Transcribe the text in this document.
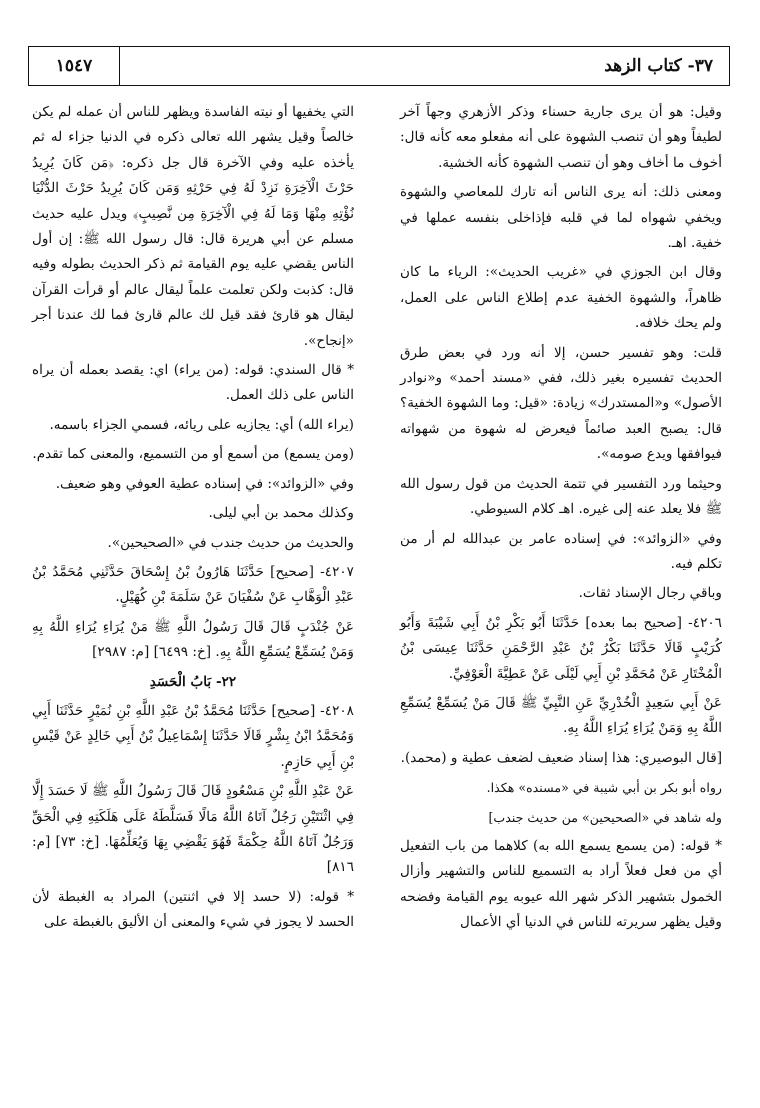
١٥٤٧	٣٧- كتاب الزهد

وقيل: هو أن يرى جارية حسناء وذكر الأزهري وجهاً آخر لطيفاً وهو أن تنصب الشهوة على أنه مفعلو معه كأنه قال: أخوف ما أخاف وهو أن تنصب الشهوة كأنه الخشية.

ومعنى ذلك: أنه يرى الناس أنه تارك للمعاصي والشهوة ويخفي شهواه لما في قلبه فإذاخلى بنفسه عملها في خفية. اهـ.

وقال ابن الجوزي في «غريب الحديث»: الرياء ما كان ظاهراً، والشهوة الخفية عدم إطلاع الناس على العمل، ولم يحك خلافه.

قلت: وهو تفسير حسن، إلا أنه ورد في بعض طرق الحديث تفسيره بغير ذلك، ففي «مسند أحمد» و«نوادر الأصول» و«المستدرك» زيادة: «قيل: وما الشهوة الخفية؟ قال: يصبح العبد صائماً فيعرض له شهوة من شهواته فيوافقها ويدع صومه».

وحيثما ورد التفسير في تتمة الحديث من قول رسول الله ﷺ فلا يعلد عنه إلى غيره. اهـ كلام السيوطي.

وفي «الزوائد»: في إسناده عامر بن عبدالله لم أر من تكلم فيه.

وباقي رجال الإسناد ثقات.

٤٢٠٦- [صحيح بما بعده] حَدَّثَنَا أَبُو بَكْرِ بْنُ أَبِي شَيْبَةَ وَأَبُو كُرَيْبٍ قَالَا حَدَّثَنَا بَكْرُ بْنُ عَبْدِ الرَّحْمَنِ حَدَّثَنَا عِيسَى بْنُ الْمُخْتَارِ عَنْ مُحَمَّدِ بْنِ أَبِي لَيْلَى عَنْ عَطِيَّةَ الْعَوْفِيِّ.

عَنْ أَبِي سَعِيدٍ الْخُدْرِيِّ عَنِ النَّبِيِّ ﷺ قَالَ مَنْ يُسَمِّعْ يُسَمِّعِ اللَّهُ بِهِ وَمَنْ يُرَاءِ يُرَاءِ اللَّهُ بِهِ.

[قال البوصيري: هذا إسناد ضعيف لضعف عطية و (محمد).

رواه أبو بكر بن أبي شيبة في «مسنده» هكذا.

وله شاهد في «الصحيحين» من حديث جندب]

* قوله: (من يسمع يسمع الله به) كلاهما من باب التفعيل أي من فعل فعلاً أراد به التسميع للناس والتشهير وأزال الخمول بتشهير الذكر شهر الله عيوبه يوم القيامة وفضحه وقيل يظهر سريرته للناس في الدنيا أي الأعمال

التي يخفيها أو نيته الفاسدة ويظهر للناس أن عمله لم يكن خالصاً وقيل يشهر الله تعالى ذكره في الدنيا جزاء له ثم يأخذه عليه وفي الآخرة قال جل ذكره: ﴿مَن كَانَ يُرِيدُ حَرْثَ الْآخِرَةِ نَزِدْ لَهُ فِي حَرْثِهِ وَمَن كَانَ يُرِيدُ حَرْثَ الدُّنْيَا نُؤْتِهِ مِنْهَا وَمَا لَهُ فِي الْآخِرَةِ مِن نَّصِيبٍ﴾ ويدل عليه حديث مسلم عن أبي هريرة قال: قال رسول الله ﷺ: إن أول الناس يقضي عليه يوم القيامة ثم ذكر الحديث بطوله وفيه قال: كذبت ولكن تعلمت علماً ليقال عالم أو قرأت القرآن ليقال هو قارئ فقد قيل لك عالم قارئ فما لك عندنا أجر «إنجاح».

* قال السندي: قوله: (من يراء) اي: يقصد بعمله أن يراه الناس على ذلك العمل.

(يراء الله) أي: يجازيه على ريائه، فسمي الجزاء باسمه.

(ومن يسمع) من أسمع أو من التسميع، والمعنى كما تقدم.

وفي «الزوائد»: في إسناده عطية العوفي وهو ضعيف.

وكذلك محمد بن أبي ليلى.

والحديث من حديث جندب في «الصحيحين».

٤٢٠٧- [صحيح] حَدَّثَنَا هَارُونُ بْنُ إِسْحَاقَ حَدَّثَنِي مُحَمَّدُ بْنُ عَبْدِ الْوَهَّابِ عَنْ سُفْيَانَ عَنْ سَلَمَةَ بْنِ كُهَيْلٍ.

عَنْ جُنْدَبٍ قَالَ قَالَ رَسُولُ اللَّهِ ﷺ مَنْ يُرَاءِ يُرَاءِ اللَّهُ بِهِ وَمَنْ يُسَمِّعْ يُسَمِّعِ اللَّهُ بِهِ. [خ: ٦٤٩٩] [م: ٢٩٨٧]

٢٢- بَابُ الْحَسَدِ

٤٢٠٨- [صحيح] حَدَّثَنَا مُحَمَّدُ بْنُ عَبْدِ اللَّهِ بْنِ نُمَيْرٍ حَدَّثَنَا أَبِي وَمُحَمَّدُ ابْنُ بِشْرٍ قَالَا حَدَّثَنَا إِسْمَاعِيلُ بْنُ أَبِي خَالِدٍ عَنْ قَيْسِ بْنِ أَبِي حَازِمٍ.

عَنْ عَبْدِ اللَّهِ بْنِ مَسْعُودٍ قَالَ قَالَ رَسُولُ اللَّهِ ﷺ لَا حَسَدَ إِلَّا فِي اثْنَتَيْنِ رَجُلٌ آتَاهُ اللَّهُ مَالًا فَسَلَّطَهُ عَلَى هَلَكَتِهِ فِي الْحَقِّ وَرَجُلٌ آتَاهُ اللَّهُ حِكْمَةً فَهُوَ يَقْضِي بِهَا وَيُعَلِّمُهَا. [خ: ٧٣] [م: ٨١٦]

* قوله: (لا حسد إلا في اثنتين) المراد به الغبطة لأن الحسد لا يجوز في شيء والمعنى أن الأليق بالغبطة على
